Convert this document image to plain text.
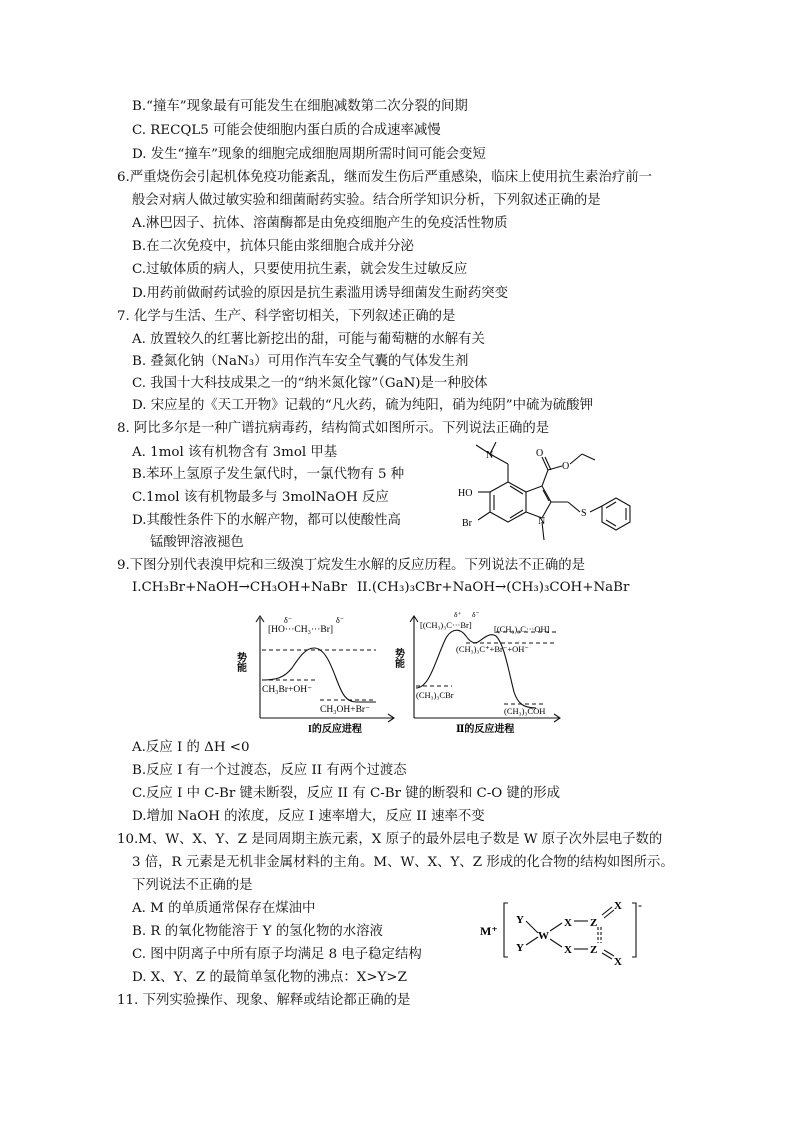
B.“撞车”现象最有可能发生在细胞减数第二次分裂的间期
C. RECQL5 可能会使细胞内蛋白质的合成速率减慢
D. 发生“撞车”现象的细胞完成细胞周期所需时间可能会变短
6.严重烧伤会引起机体免疫功能紊乱，继而发生伤后严重感染，临床上使用抗生素治疗前一
般会对病人做过敏实验和细菌耐药实验。结合所学知识分析，下列叙述正确的是
A.淋巴因子、抗体、溶菌酶都是由免疫细胞产生的免疫活性物质
B.在二次免疫中，抗体只能由浆细胞合成并分泌
C.过敏体质的病人，只要使用抗生素，就会发生过敏反应
D.用药前做耐药试验的原因是抗生素滥用诱导细菌发生耐药突变
7. 化学与生活、生产、科学密切相关，下列叙述正确的是
A. 放置较久的红薯比新挖出的甜，可能与葡萄糖的水解有关
B. 叠氮化钠（NaN₃）可用作汽车安全气囊的气体发生剂
C. 我国十大科技成果之一的“纳米氮化镓”（GaN)是一种胶体
D. 宋应星的《天工开物》记载的“凡火药，硫为纯阳，硝为纯阴”中硫为硫酸钾
8. 阿比多尔是一种广谱抗病毒药，结构简式如图所示。下列说法正确的是
A. 1mol 该有机物含有 3mol 甲基
B.苯环上氢原子发生氯代时，一氯代物有 5 种
C.1mol 该有机物最多与 3molNaOH 反应
D.其酸性条件下的水解产物，都可以使酸性高
锰酸钾溶液褪色
N
HO
Br	N
S
O
O
9.下图分别代表溴甲烷和三级溴丁烷发生水解的反应历程。下列说法不正确的是
I.CH₃Br+NaOH→CH₃OH+NaBr II.(CH₃)₃CBr+NaOH→(CH₃)₃COH+NaBr
势能
[HO···CH₃···Br]
δ⁻	δ⁻
CH₃Br+OH⁻
CH₃OH+Br⁻
I的反应进程
势能
[(CH₃)₃C···Br]
δ⁺ δ⁻
[(CH₃)₃C···OH]
(CH₃)₃C⁺+Br⁻+OH⁻
(CH₃)₃CBr
(CH₃)₃COH
Ⅱ的反应进程
A.反应 I 的 ΔH <0
B.反应 I 有一个过渡态，反应 II 有两个过渡态
C.反应 I 中 C-Br 键未断裂，反应 II 有 C-Br 键的断裂和 C-O 键的形成
D.增加 NaOH 的浓度，反应 I 速率增大，反应 II 速率不变
10.M、W、X、Y、Z 是同周期主族元素，X 原子的最外层电子数是 W 原子次外层电子数的
3 倍，R 元素是无机非金属材料的主角。M、W、X、Y、Z 形成的化合物的结构如图所示。
下列说法不正确的是
A. M 的单质通常保存在煤油中
B. R 的氧化物能溶于 Y 的氢化物的水溶液
C. 图中阴离子中所有原子均满足 8 电子稳定结构
D. X、Y、Z 的最简单氢化物的沸点：X>Y>Z
M⁺
Y
Y
W
X
X
Z
Z
X
X
-
11. 下列实验操作、现象、解释或结论都正确的是
